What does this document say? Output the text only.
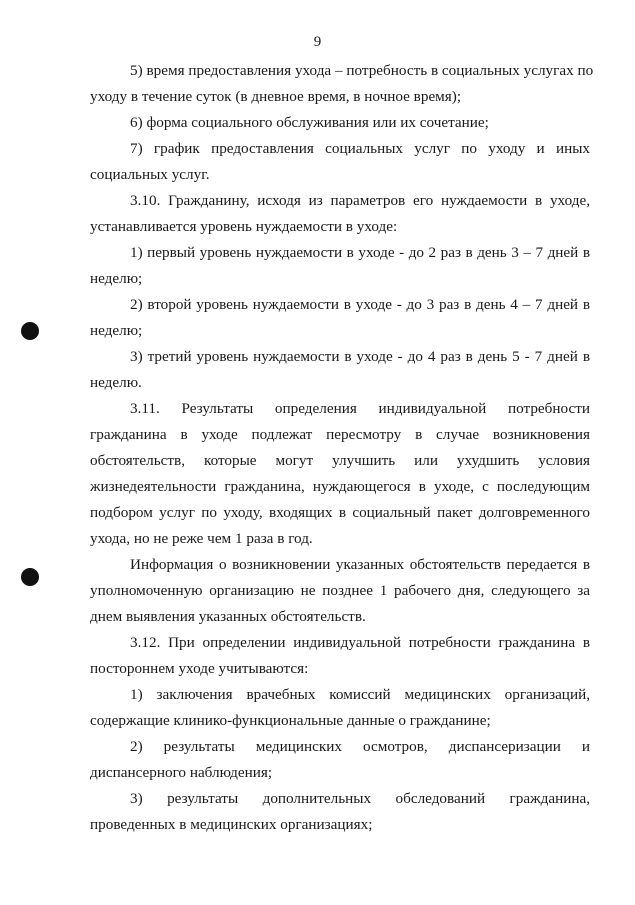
9

5) время предоставления ухода – потребность в социальных услугах по
уходу в течение суток (в дневное время, в ночное время);

6) форма социального обслуживания или их сочетание;

7) график предоставления социальных услуг по уходу и иных
социальных услуг.

3.10. Гражданину, исходя из параметров его нуждаемости в уходе,
устанавливается уровень нуждаемости в уходе:

1) первый уровень нуждаемости в уходе - до 2 раз в день 3 – 7 дней в
неделю;

2) второй уровень нуждаемости в уходе - до 3 раз в день 4 – 7 дней в
неделю;

3) третий уровень нуждаемости в уходе - до 4 раз в день 5 - 7 дней в
неделю.

3.11. Результаты определения индивидуальной потребности
гражданина в уходе подлежат пересмотру в случае возникновения
обстоятельств, которые могут улучшить или ухудшить условия
жизнедеятельности гражданина, нуждающегося в уходе, с последующим
подбором услуг по уходу, входящих в социальный пакет долговременного
ухода, но не реже чем 1 раза в год.

Информация о возникновении указанных обстоятельств передается в
уполномоченную организацию не позднее 1 рабочего дня, следующего за
днем выявления указанных обстоятельств.

3.12. При определении индивидуальной потребности гражданина в
постороннем уходе учитываются:

1) заключения врачебных комиссий медицинских организаций,
содержащие клинико-функциональные данные о гражданине;

2) результаты медицинских осмотров, диспансеризации и
диспансерного наблюдения;

3) результаты дополнительных обследований гражданина,
проведенных в медицинских организациях;
